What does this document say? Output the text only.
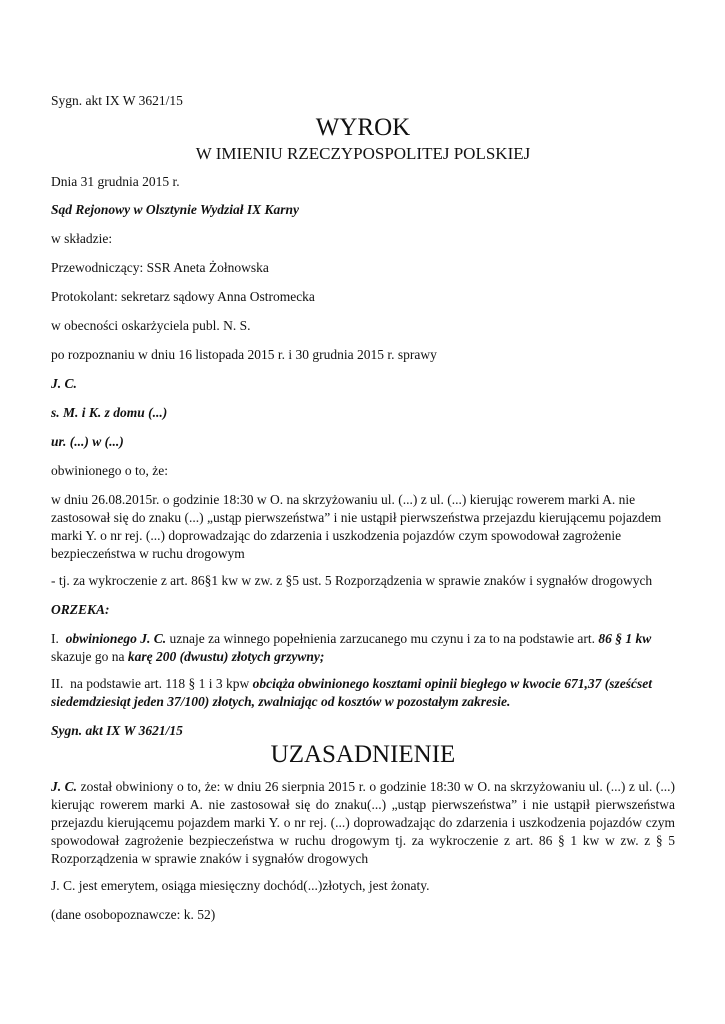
Sygn. akt IX W 3621/15

WYROK

W IMIENIU RZECZYPOSPOLITEJ POLSKIEJ

Dnia 31 grudnia 2015 r.

Sąd Rejonowy w Olsztynie Wydział IX Karny

w składzie:

Przewodniczący: SSR Aneta Żołnowska

Protokolant: sekretarz sądowy Anna Ostromecka

w obecności oskarżyciela publ. N. S.

po rozpoznaniu w dniu 16 listopada 2015 r. i 30 grudnia 2015 r. sprawy

J. C.

s. M. i K. z domu (...)

ur. (...) w (...)

obwinionego o to, że:

w dniu 26.08.2015r. o godzinie 18:30 w O. na skrzyżowaniu ul. (...) z ul. (...) kierując rowerem marki A. nie zastosował się do znaku (...) „ustąp pierwszeństwa” i nie ustąpił pierwszeństwa przejazdu kierującemu pojazdem marki Y. o nr rej. (...) doprowadzając do zdarzenia i uszkodzenia pojazdów czym spowodował zagrożenie bezpieczeństwa w ruchu drogowym

- tj. za wykroczenie z art. 86§1 kw w zw. z §5 ust. 5 Rozporządzenia w sprawie znaków i sygnałów drogowych

ORZEKA:

I. obwinionego J. C. uznaje za winnego popełnienia zarzucanego mu czynu i za to na podstawie art. 86 § 1 kw skazuje go na karę 200 (dwustu) złotych grzywny;

II. na podstawie art. 118 § 1 i 3 kpw obciąża obwinionego kosztami opinii biegłego w kwocie 671,37 (sześćset siedemdziesiąt jeden 37/100) złotych, zwalniając od kosztów w pozostałym zakresie.

Sygn. akt IX W 3621/15

UZASADNIENIE

J. C. został obwiniony o to, że: w dniu 26 sierpnia 2015 r. o godzinie 18:30 w O. na skrzyżowaniu ul. (...) z ul. (...) kierując rowerem marki A. nie zastosował się do znaku(...) „ustąp pierwszeństwa” i nie ustąpił pierwszeństwa przejazdu kierującemu pojazdem marki Y. o nr rej. (...) doprowadzając do zdarzenia i uszkodzenia pojazdów czym spowodował zagrożenie bezpieczeństwa w ruchu drogowym tj. za wykroczenie z art. 86 § 1 kw w zw. z § 5 Rozporządzenia w sprawie znaków i sygnałów drogowych

J. C. jest emerytem, osiąga miesięczny dochód(...)złotych, jest żonaty.

(dane osobopoznawcze: k. 52)
